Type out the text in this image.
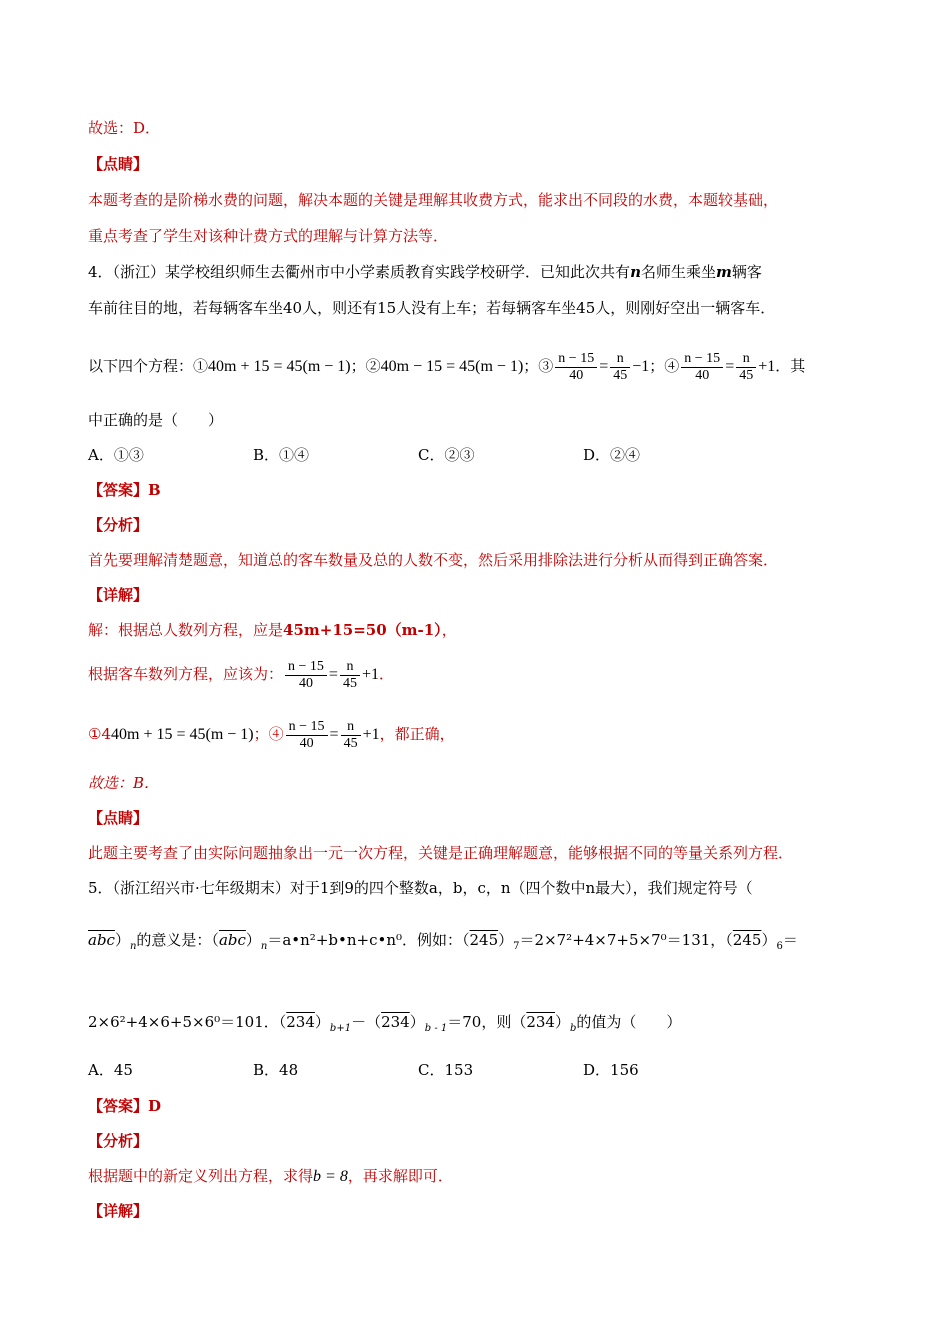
故选：D．
【点睛】
本题考查的是阶梯水费的问题，解决本题的关键是理解其收费方式，能求出不同段的水费，本题较基础，
重点考查了学生对该种计费方式的理解与计算方法等．
4．（浙江）某学校组织师生去衢州市中小学素质教育实践学校研学．已知此次共有n名师生乘坐m辆客
车前往目的地，若每辆客车坐40人，则还有15人没有上车；若每辆客车坐45人，则刚好空出一辆客车．
以下四个方程：①40m + 15 = 45(m − 1)；②40m − 15 = 45(m − 1)；③ $\frac{n - 15}{40} = \frac{n}{45} -1$；④ $\frac{n - 15}{40} = \frac{n}{45} +1$．其
中正确的是（　　）
A．①③	B．①④	C．②③	D．②④
【答案】B
【分析】
首先要理解清楚题意，知道总的客车数量及总的人数不变，然后采用排除法进行分析从而得到正确答案．
【详解】
解：根据总人数列方程，应是45m+15=50（m-1），
根据客车数列方程，应该为： $\frac{n - 15}{40} = \frac{n}{45} +1$．
①440m + 15 = 45(m − 1)；④ $\frac{n - 15}{40} = \frac{n}{45} +1$，都正确，
故选：B．
【点睛】
此题主要考查了由实际问题抽象出一元一次方程，关键是正确理解题意，能够根据不同的等量关系列方程．
5．（浙江绍兴市·七年级期末）对于1到9的四个整数a，b，c，n（四个数中n最大），我们规定符号（
$\overline{abc})_n$的意义是：$(\overline{abc})_n=a•n^2+b•n+c•n^0$．例如：$(245)_7=2\times 7^2+4\times 7+5\times 7^0=131$，$(245)_6=$
2×6²+4×6+5×6⁰＝101．$(234)_{b+1}-(234)_{b - 1}=70$，则$(234)_b$的值为（　　）
A．45	B．48	C．153	D．156
【答案】D
【分析】
根据题中的新定义列出方程，求得b = 8，再求解即可．
【详解】
